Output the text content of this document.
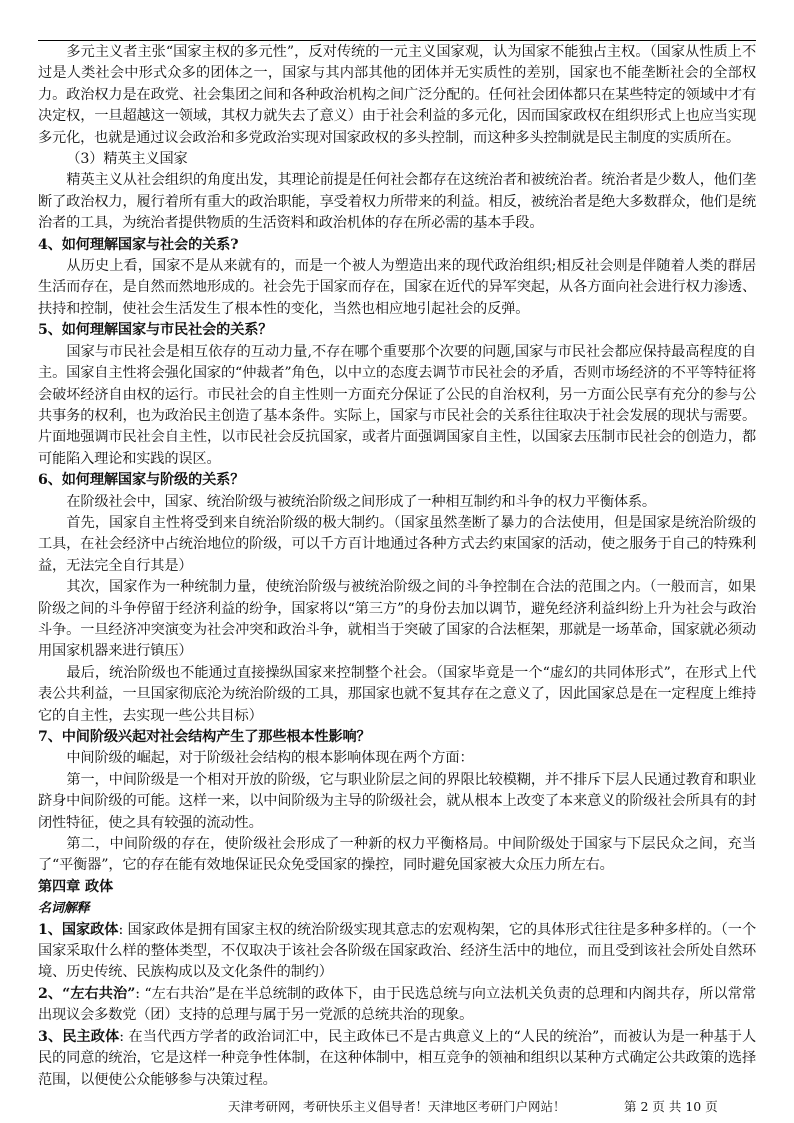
多元主义者主张“国家主权的多元性”，反对传统的一元主义国家观，认为国家不能独占主权。（国家从性质上不过是人类社会中形式众多的团体之一，国家与其内部其他的团体并无实质性的差别，国家也不能垄断社会的全部权力。政治权力是在政党、社会集团之间和各种政治机构之间广泛分配的。任何社会团体都只在某些特定的领域中才有决定权，一旦超越这一领域，其权力就失去了意义）由于社会利益的多元化，因而国家政权在组织形式上也应当实现多元化，也就是通过议会政治和多党政治实现对国家政权的多头控制，而这种多头控制就是民主制度的实质所在。

（3）精英主义国家

精英主义从社会组织的角度出发，其理论前提是任何社会都存在这统治者和被统治者。统治者是少数人，他们垄断了政治权力，履行着所有重大的政治职能，享受着权力所带来的利益。相反，被统治者是绝大多数群众，他们是统治者的工具，为统治者提供物质的生活资料和政治机体的存在所必需的基本手段。

4、如何理解国家与社会的关系?

从历史上看，国家不是从来就有的，而是一个被人为塑造出来的现代政治组织;相反社会则是伴随着人类的群居生活而存在，是自然而然地形成的。社会先于国家而存在，国家在近代的异军突起，从各方面向社会进行权力渗透、扶持和控制，使社会生活发生了根本性的变化，当然也相应地引起社会的反弹。

5、如何理解国家与市民社会的关系？

国家与市民社会是相互依存的互动力量,不存在哪个重要那个次要的问题,国家与市民社会都应保持最高程度的自主。国家自主性将会强化国家的“仲裁者”角色，以中立的态度去调节市民社会的矛盾，否则市场经济的不平等特征将会破坏经济自由权的运行。市民社会的自主性则一方面充分保证了公民的自治权利，另一方面公民享有充分的参与公共事务的权利，也为政治民主创造了基本条件。实际上，国家与市民社会的关系往往取决于社会发展的现状与需要。片面地强调市民社会自主性，以市民社会反抗国家，或者片面强调国家自主性，以国家去压制市民社会的创造力，都可能陷入理论和实践的误区。

6、如何理解国家与阶级的关系？

在阶级社会中，国家、统治阶级与被统治阶级之间形成了一种相互制约和斗争的权力平衡体系。

首先，国家自主性将受到来自统治阶级的极大制约。（国家虽然垄断了暴力的合法使用，但是国家是统治阶级的工具，在社会经济中占统治地位的阶级，可以千方百计地通过各种方式去约束国家的活动，使之服务于自己的特殊利益，无法完全自行其是）

其次，国家作为一种统制力量，使统治阶级与被统治阶级之间的斗争控制在合法的范围之内。（一般而言，如果阶级之间的斗争停留于经济利益的纷争，国家将以“第三方”的身份去加以调节，避免经济利益纠纷上升为社会与政治斗争。一旦经济冲突演变为社会冲突和政治斗争，就相当于突破了国家的合法框架，那就是一场革命，国家就必须动用国家机器来进行镇压）

最后，统治阶级也不能通过直接操纵国家来控制整个社会。（国家毕竟是一个“虚幻的共同体形式”，在形式上代表公共利益，一旦国家彻底沦为统治阶级的工具，那国家也就不复其存在之意义了，因此国家总是在一定程度上维持它的自主性，去实现一些公共目标）

7、中间阶级兴起对社会结构产生了那些根本性影响？

中间阶级的崛起，对于阶级社会结构的根本影响体现在两个方面：

第一，中间阶级是一个相对开放的阶级，它与职业阶层之间的界限比较模糊，并不排斥下层人民通过教育和职业跻身中间阶级的可能。这样一来，以中间阶级为主导的阶级社会，就从根本上改变了本来意义的阶级社会所具有的封闭性特征，使之具有较强的流动性。

第二，中间阶级的存在，使阶级社会形成了一种新的权力平衡格局。中间阶级处于国家与下层民众之间，充当了“平衡器”，它的存在能有效地保证民众免受国家的操控，同时避免国家被大众压力所左右。

第四章 政体

名词解释

1、国家政体: 国家政体是拥有国家主权的统治阶级实现其意志的宏观构架，它的具体形式往往是多种多样的。（一个国家采取什么样的整体类型，不仅取决于该社会各阶级在国家政治、经济生活中的地位，而且受到该社会所处自然环境、历史传统、民族构成以及文化条件的制约）

2、“左右共治”: “左右共治”是在半总统制的政体下，由于民选总统与向立法机关负责的总理和内阁共存，所以常常出现议会多数党（团）支持的总理与属于另一党派的总统共治的现象。

3、民主政体: 在当代西方学者的政治词汇中，民主政体已不是古典意义上的“人民的统治”，而被认为是一种基于人民的同意的统治，它是这样一种竞争性体制，在这种体制中，相互竞争的领袖和组织以某种方式确定公共政策的选择范围，以便使公众能够参与决策过程。

天津考研网，考研快乐主义倡导者！天津地区考研门户网站！	第 2 页 共 10 页
